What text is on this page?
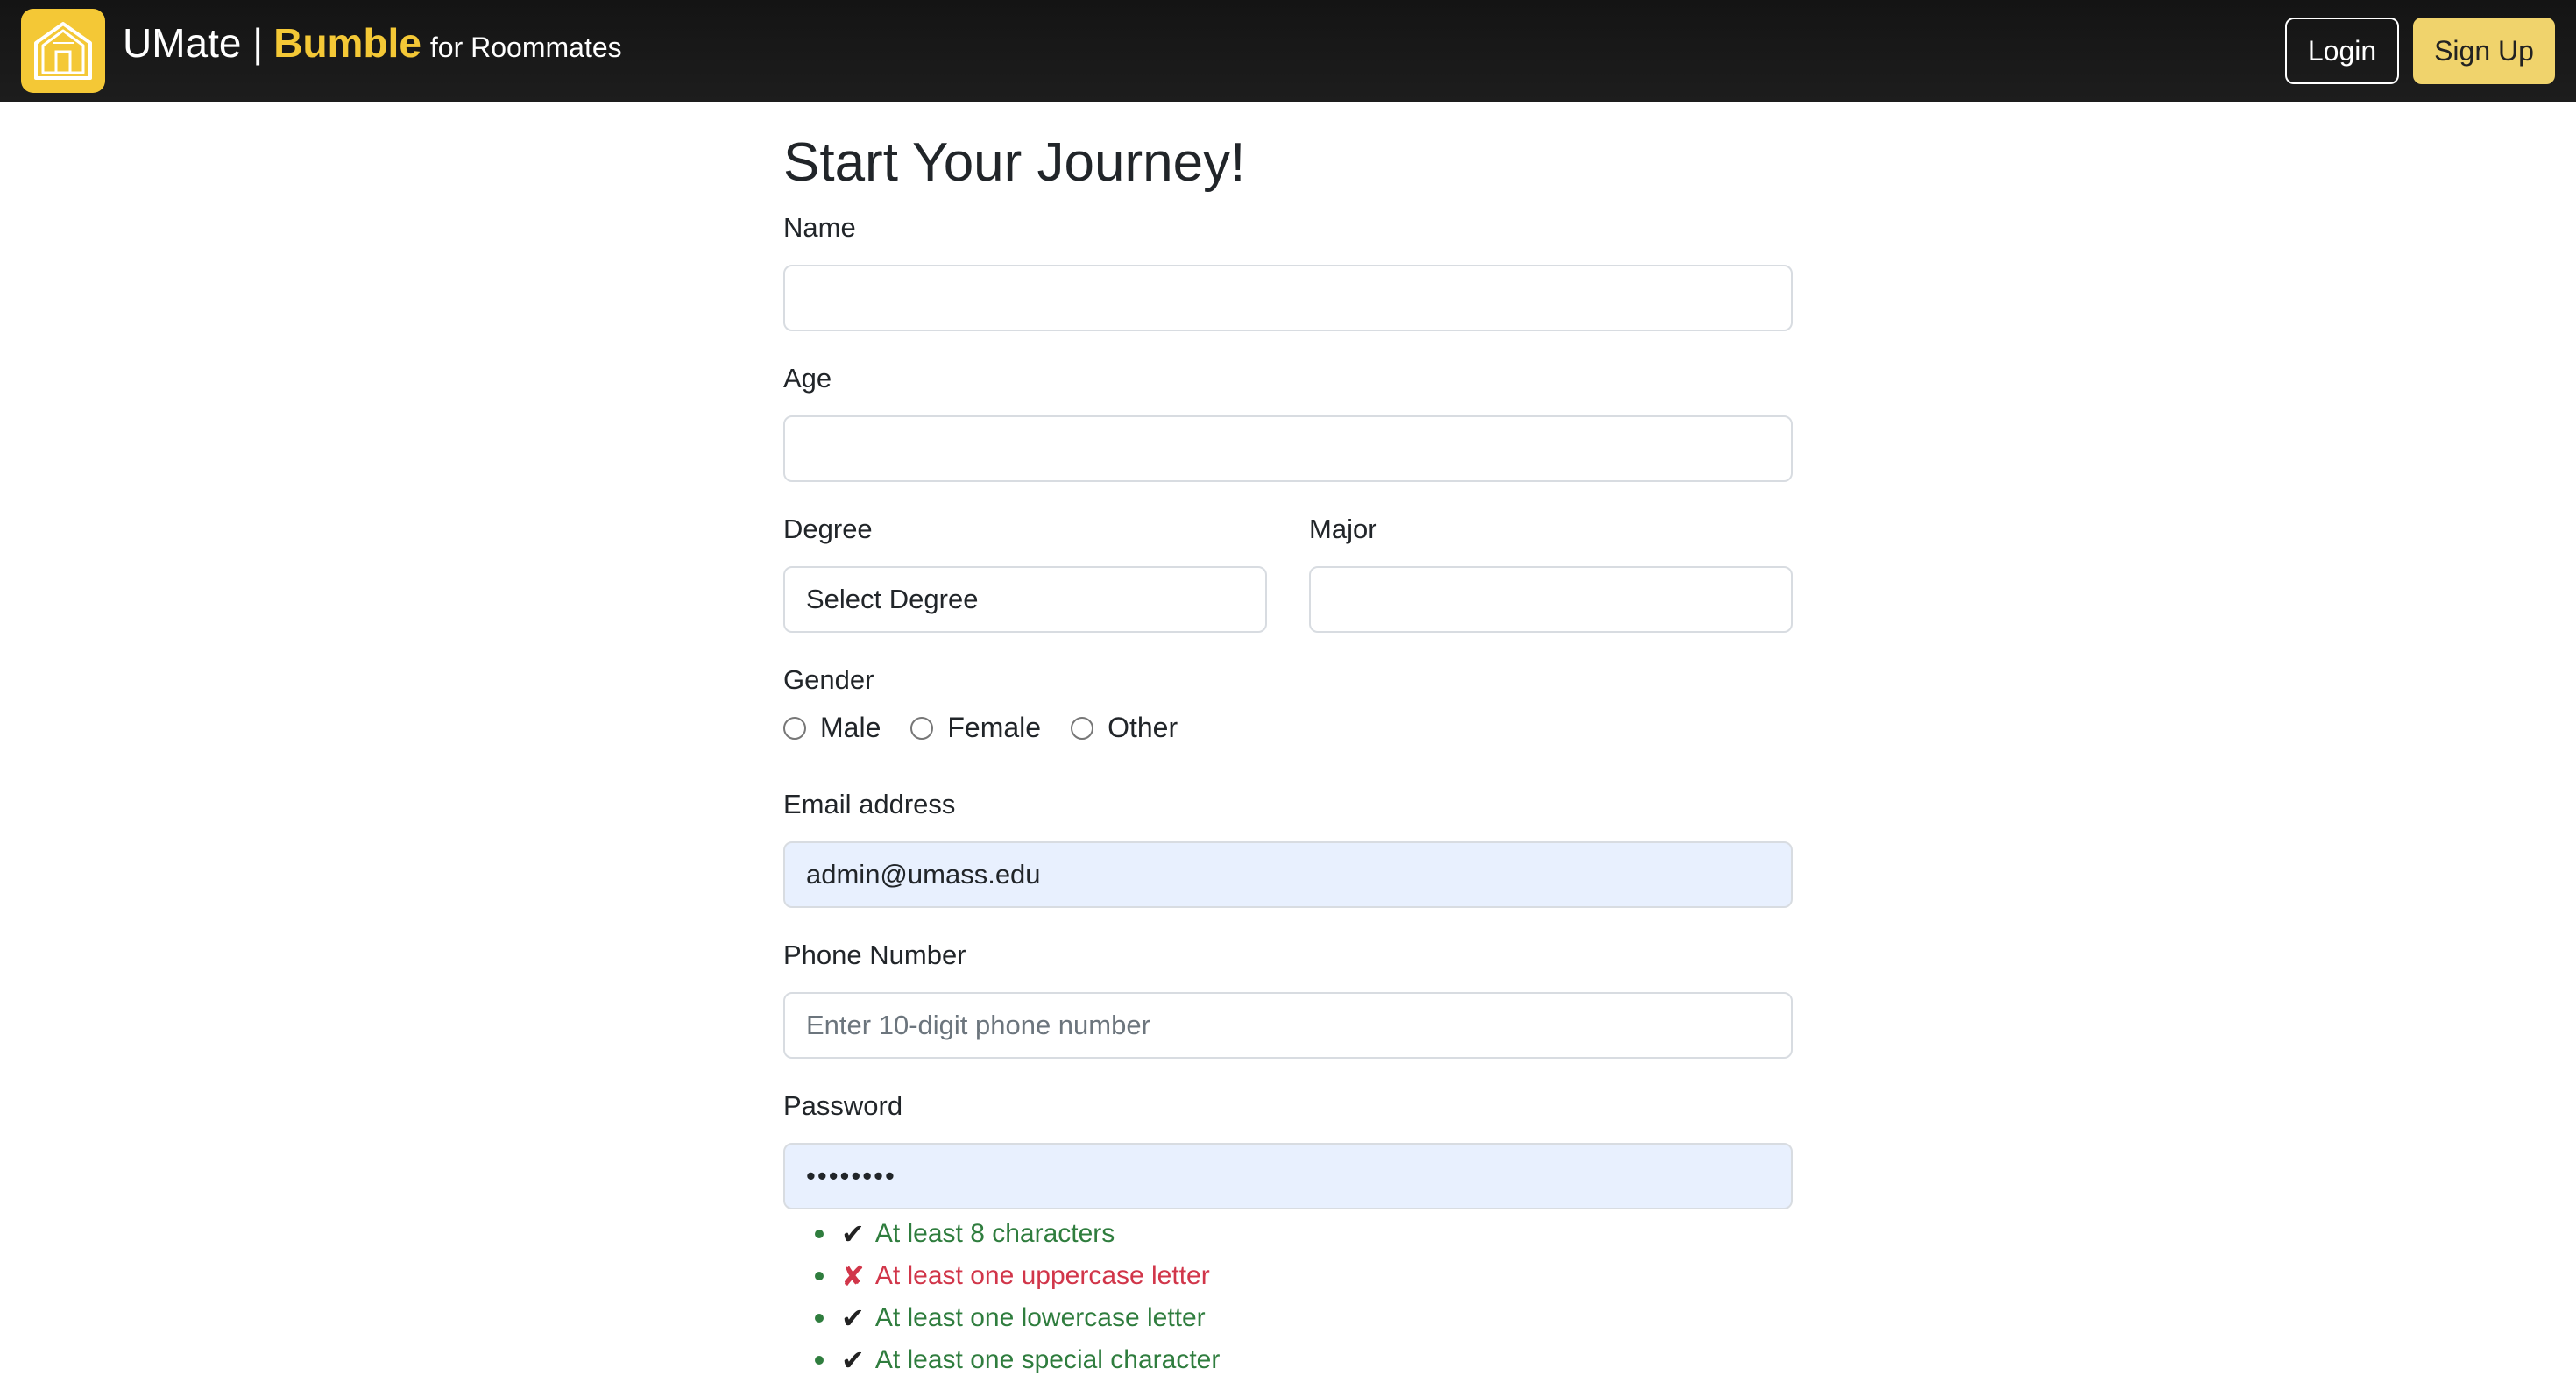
UMate | Bumble for Roommates	Login	Sign Up
Start Your Journey!
Name
Age
Degree
Select Degree
Major
Gender
Male Female Other
Email address
admin@umass.edu
Phone Number
Enter 10-digit phone number
Password
••••••••
✔ At least 8 characters
✘ At least one uppercase letter
✔ At least one lowercase letter
✔ At least one special character
